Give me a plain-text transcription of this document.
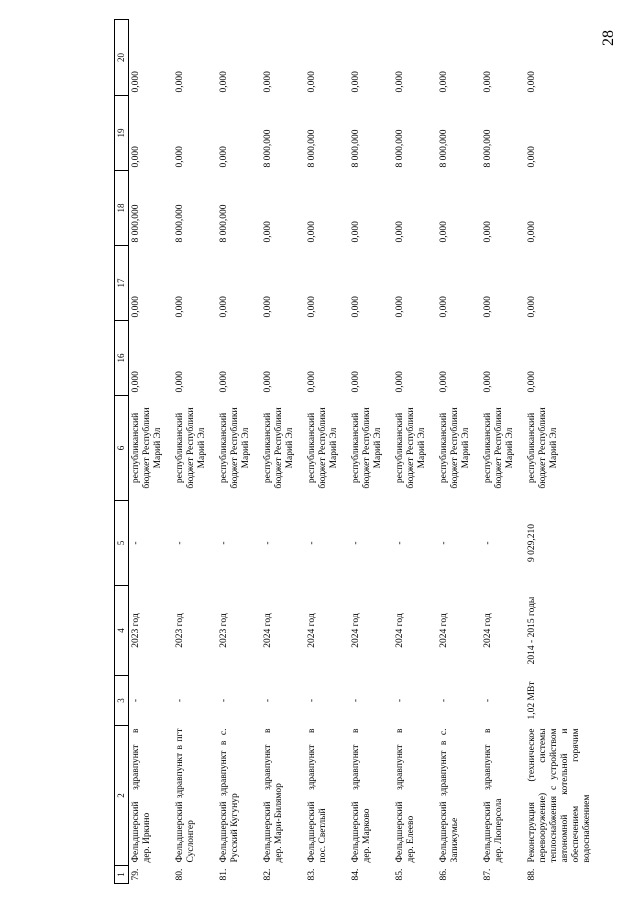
28
1	2	3	4	5	6	16	17	18	19	20
79.	Фельдшерский здравпункт в дер. Иркино	-	2023 год	-	республиканский бюджет Республики Марий Эл	0,000	0,000	8 000,000	0,000	0,000
80.	Фельдшерский здравпункт в пгт Суслонгер	-	2023 год	-	республиканский бюджет Республики Марий Эл	0,000	0,000	8 000,000	0,000	0,000
81.	Фельдшерский здравпункт в с. Русский Кугунур	-	2023 год	-	республиканский бюджет Республики Марий Эл	0,000	0,000	8 000,000	0,000	0,000
82.	Фельдшерский здравпункт в дер. Мари-Билямор	-	2024 год	-	республиканский бюджет Республики Марий Эл	0,000	0,000	0,000	8 000,000	0,000
83.	Фельдшерский здравпункт в пос. Светлый	-	2024 год	-	республиканский бюджет Республики Марий Эл	0,000	0,000	0,000	8 000,000	0,000
84.	Фельдшерский здравпункт в дер. Марково	-	2024 год	-	республиканский бюджет Республики Марий Эл	0,000	0,000	0,000	8 000,000	0,000
85.	Фельдшерский здравпункт в дер. Елеево	-	2024 год	-	республиканский бюджет Республики Марий Эл	0,000	0,000	0,000	8 000,000	0,000
86.	Фельдшерский здравпункт в с. Запижумье	-	2024 год	-	республиканский бюджет Республики Марий Эл	0,000	0,000	0,000	8 000,000	0,000
87.	Фельдшерский здравпункт в дер. Люперсола	-	2024 год	-	республиканский бюджет Республики Марий Эл	0,000	0,000	0,000	8 000,000	0,000
88.	Реконструкция (техническое перевооружение) системы теплоснабжения с устройством автономной котельной и обеспечением горячим водоснабжением	1,02 МВт	2014 - 2015 годы	9 029,210	республиканский бюджет Республики Марий Эл	0,000	0,000	0,000	0,000	0,000
